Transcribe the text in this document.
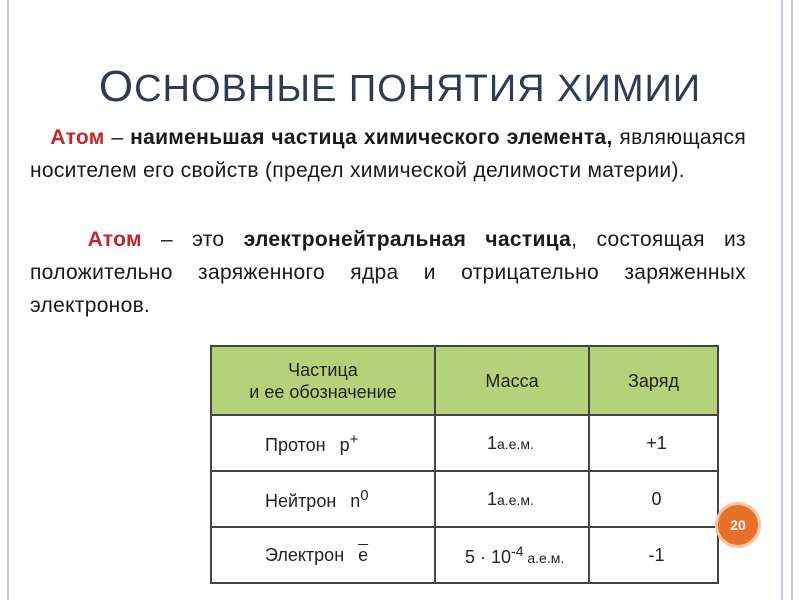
ОСНОВНЫЕ ПОНЯТИЯ ХИМИИ
Атом – наименьшая частица химического элемента, являющаяся носителем его свойств (предел химической делимости материи).
Атом – это электронейтральная частица, состоящая из положительно заряженного ядра и отрицательно заряженных электронов.
Частица
и ее обозначение	Масса	Заряд
Протон p+	1а.е.м.	+1

Нейтрон $n^0$	1а.е.м.	0

Электрон $\overline{e}$	$5 \cdot 10^{-4}$ а.е.м.	-1
20
